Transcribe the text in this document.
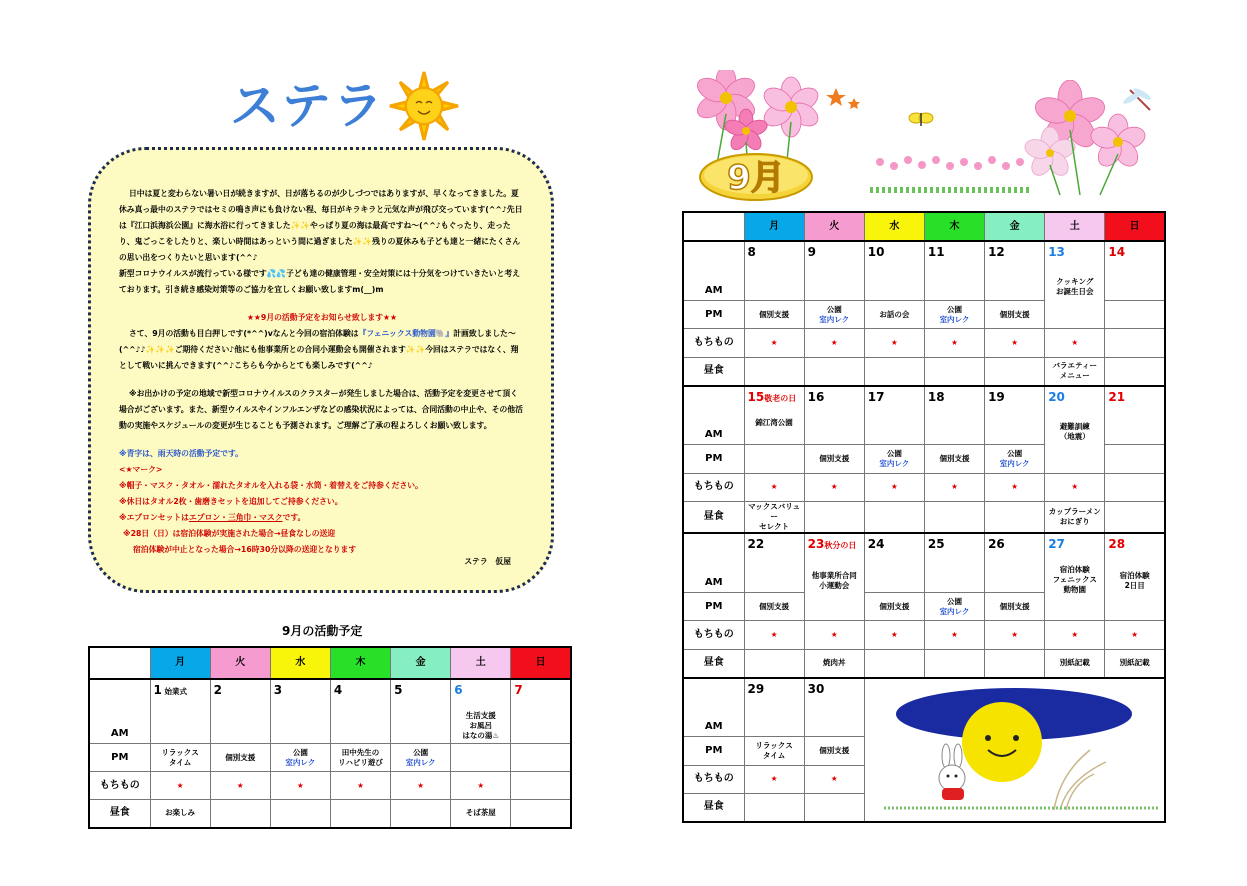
ステラ

日中は夏と変わらない暑い日が続きますが、日が落ちるのが少しづつではありますが、早くなってきました。夏休み真っ最中のステラではセミの鳴き声にも負けない程、毎日がキラキラと元気な声が飛び交っています(^^♪先日は『江口浜海浜公園』に海水浴に行ってきました✨✨やっぱり夏の海は最高ですね～(^^♪もぐったり、走ったり、鬼ごっこをしたりと、楽しい時間はあっという間に過ぎました✨✨残りの夏休みも子ども達と一緒にたくさんの思い出をつくりたいと思います(^^♪

新型コロナウイルスが流行っている様です💦💦子ども達の健康管理・安全対策には十分気をつけていきたいと考えております。引き続き感染対策等のご協力を宜しくお願い致しますm(__)m

★★9月の活動予定をお知らせ致します★★

さて、9月の活動も目白押しです(*^^)vなんと今回の宿泊体験は『フェニックス動物園🐘』計画致しました～(^^♪♪✨✨✨ご期待ください♪他にも他事業所との合同小運動会も開催されます✨✨今回はステラではなく、翔として戦いに挑んできます(^^♪こちらも今からとても楽しみです(^^♪

※お出かけの予定の地域で新型コロナウイルスのクラスターが発生しました場合は、活動予定を変更させて頂く場合がございます。また、新型ウイルスやインフルエンザなどの感染状況によっては、合同活動の中止や、その他活動の実施やスケジュールの変更が生じることも予測されます。ご理解ご了承の程よろしくお願い致します。

※青字は、雨天時の活動予定です。

<★マーク>

※帽子・マスク・タオル・濡れたタオルを入れる袋・水筒・着替えをご持参ください。

※休日はタオル2枚・歯磨きセットを追加してご持参ください。

※エプロンセットはエプロン・三角巾・マスクです。

※28日（日）は宿泊体験が実施された場合→昼食なしの送迎

宿泊体験が中止となった場合→16時30分以降の送迎となります

ステラ　仮屋
9月の活動予定
	月	火	水	木	金	土	日
AM	1 始業式	2	3	4	5	6
生活支援
お風呂
はなの湯♨	7

PM	リラックス
タイム	個別支援	公園
室内レク	田中先生の
リハビリ遊び	公園
室内レク		
もちもの	★	★	★	★	★	★	
昼食	お楽しみ					そば茶屋	
9月
	月	火	水	木	金	土	日
AM	8	9	10	11	12	13
クッキング
お誕生日会	14

PM	個別支援	公園
室内レク	お話の会	公園
室内レク	個別支援		
もちもの	★	★	★	★	★	★	
昼食						バラエティー
メニュー	
AM	15敬老の日
錦江湾公園	16	17	18	19	20
避難訓練
（地震）	21

PM		個別支援	公園
室内レク	個別支援	公園
室内レク		
もちもの	★	★	★	★	★	★	
昼食	マックスバリュー
セレクト					カップラーメン
おにぎり	
AM	22	23秋分の日
他事業所合同
小運動会	24	25	26	27
宿泊体験
フェニックス
動物園	28
宿泊体験
2日目

PM	個別支援		個別支援	公園
室内レク	個別支援		
もちもの	★	★	★	★	★	★	★
昼食		焼肉丼				別紙記載	別紙記載
AM	29	30					

PM	リラックス
タイム	個別支援					
もちもの	★	★					
昼食							
